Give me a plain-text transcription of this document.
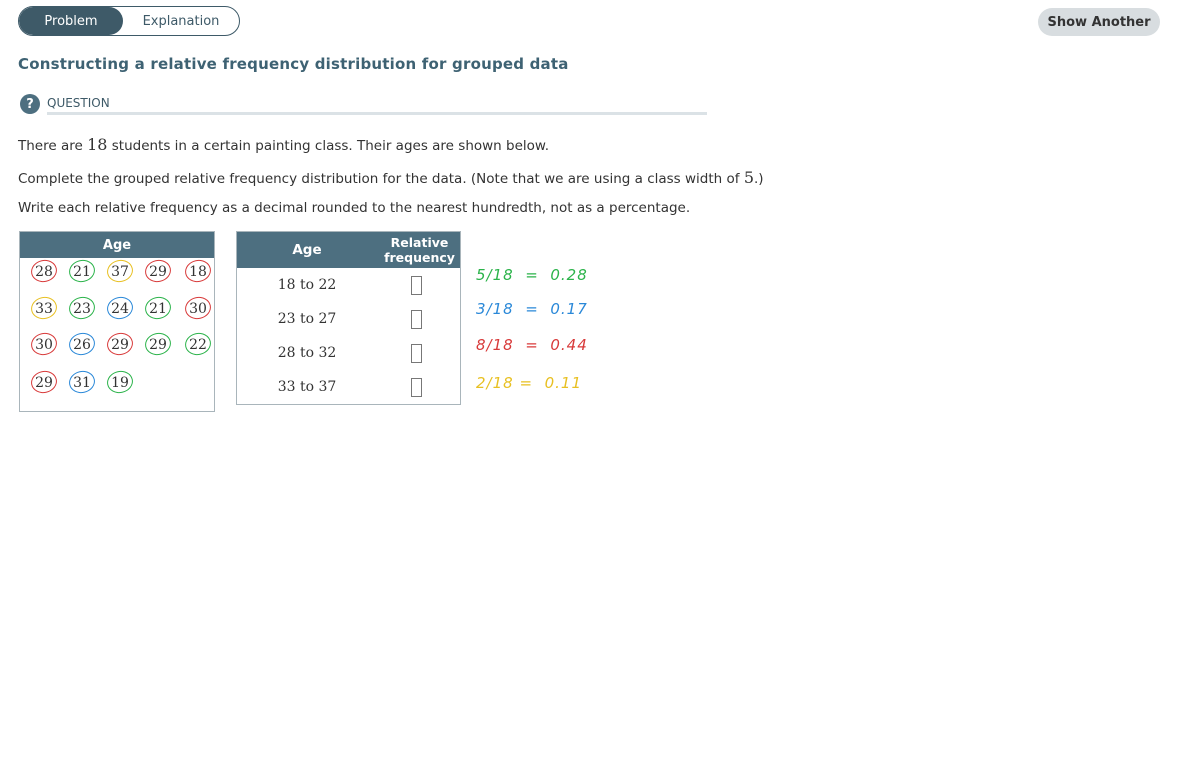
Problem	Explanation	Show Another
Constructing a relative frequency distribution for grouped data
?	QUESTION
There are 18 students in a certain painting class. Their ages are shown below.
Complete the grouped relative frequency distribution for the data. (Note that we are using a class width of 5.)
Write each relative frequency as a decimal rounded to the nearest hundredth, not as a percentage.
Age
28 21 37 29 18
33 23 24 21 30
30 26 29 29 22
29 31 19
Age	Relative
frequency
18 to 22
23 to 27
28 to 32
33 to 37
5/18 = 0.28
3/18 = 0.17
8/18 = 0.44
2/18 = 0.11
